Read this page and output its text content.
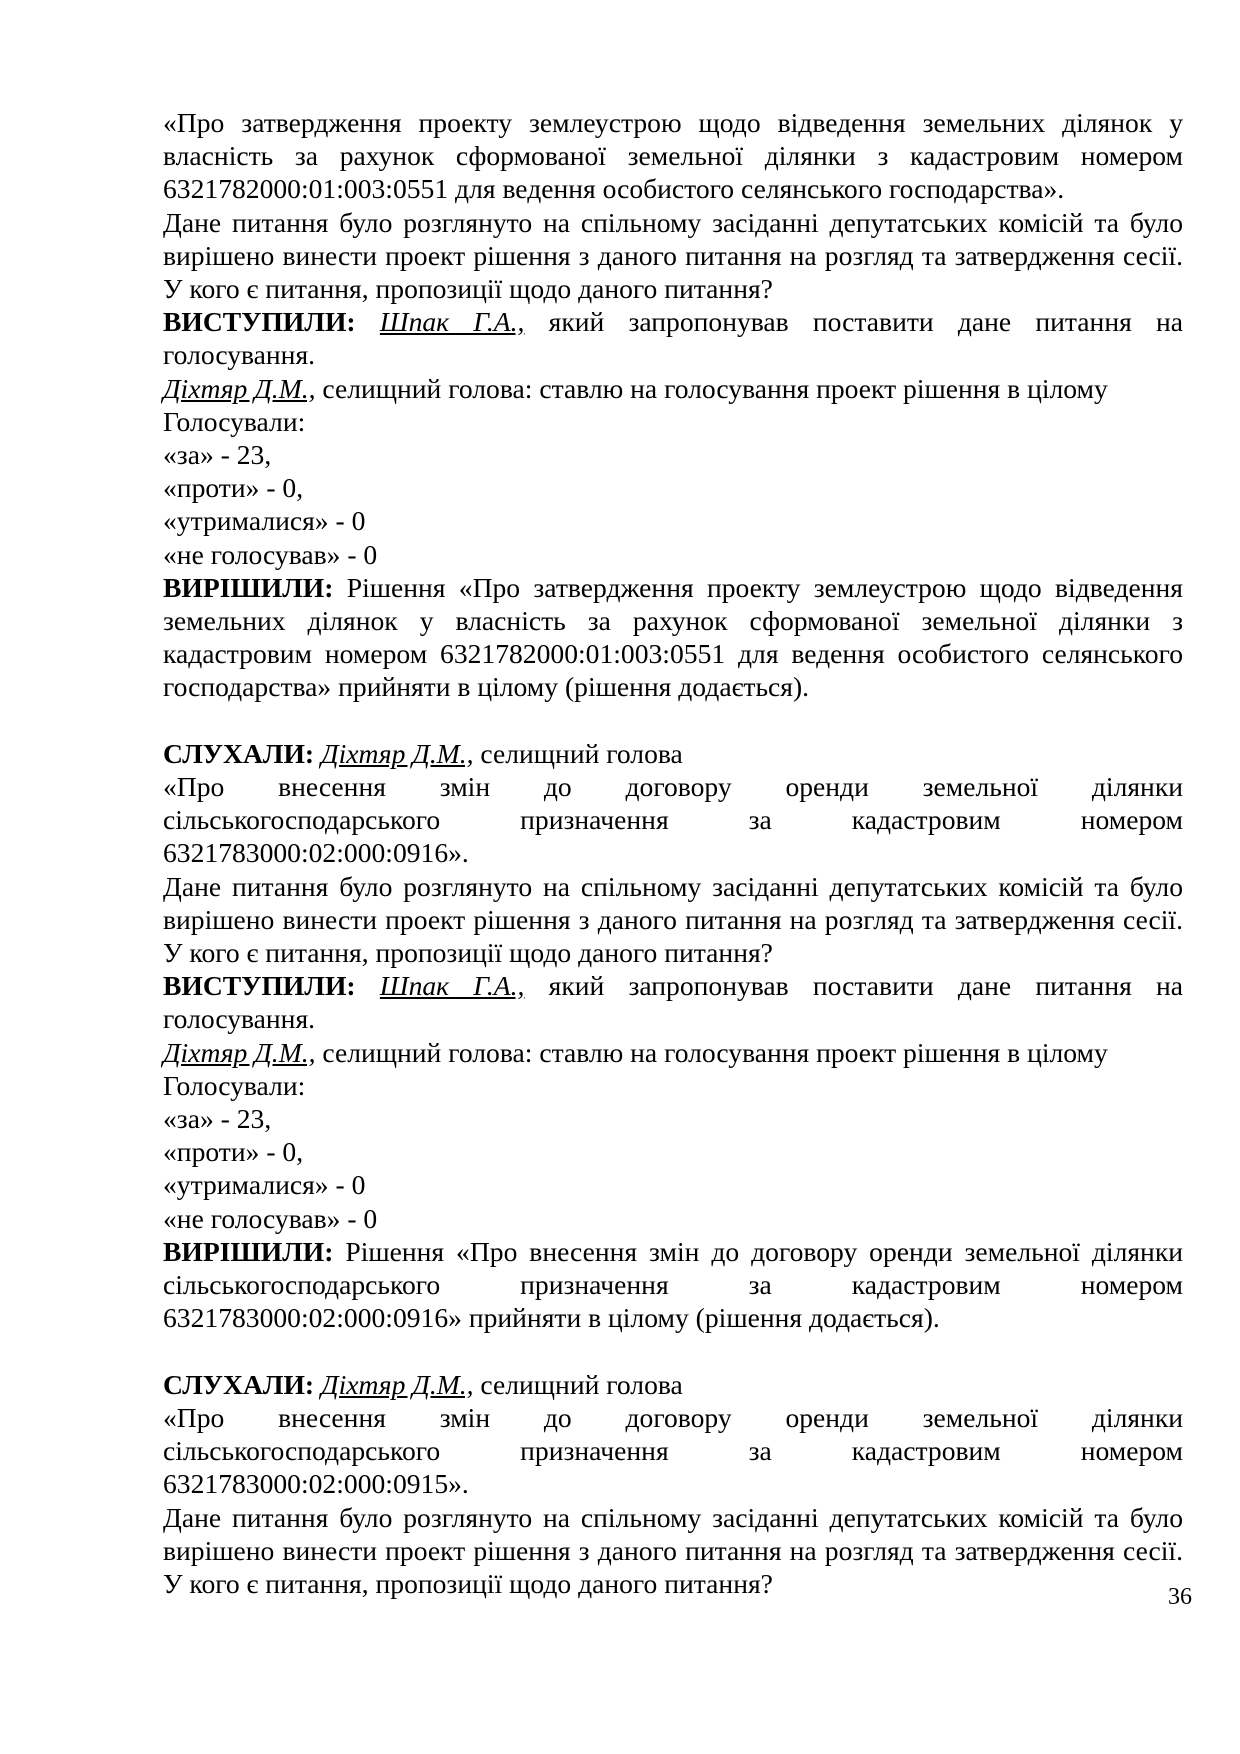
«Про затвердження проекту землеустрою щодо відведення земельних ділянок у власність за рахунок сформованої земельної ділянки з кадастровим номером 6321782000:01:003:0551 для ведення особистого селянського господарства».

Дане питання було розглянуто на спільному засіданні депутатських комісій та було вирішено винести проект рішення з даного питання на розгляд та затвердження сесії. У кого є питання, пропозиції щодо даного питання?

ВИСТУПИЛИ: Шпак Г.А., який запропонував поставити дане питання на голосування.

Діхтяр Д.М., селищний голова: ставлю на голосування проект рішення в цілому

Голосували:

«за» - 23,

«проти» - 0,

«утрималися» - 0

«не голосував» - 0

ВИРІШИЛИ: Рішення «Про затвердження проекту землеустрою щодо відведення земельних ділянок у власність за рахунок сформованої земельної ділянки з кадастровим номером 6321782000:01:003:0551 для ведення особистого селянського господарства» прийняти в цілому (рішення додається).

СЛУХАЛИ: Діхтяр Д.М., селищний голова

«Про внесення змін до договору оренди земельної ділянки

сільськогосподарського призначення за кадастровим номером

6321783000:02:000:0916».

Дане питання було розглянуто на спільному засіданні депутатських комісій та було вирішено винести проект рішення з даного питання на розгляд та затвердження сесії. У кого є питання, пропозиції щодо даного питання?

ВИСТУПИЛИ: Шпак Г.А., який запропонував поставити дане питання на голосування.

Діхтяр Д.М., селищний голова: ставлю на голосування проект рішення в цілому

Голосували:

«за» - 23,

«проти» - 0,

«утрималися» - 0

«не голосував» - 0

ВИРІШИЛИ: Рішення «Про внесення змін до договору оренди земельної ділянки сільськогосподарського призначення за кадастровим номером 6321783000:02:000:0916» прийняти в цілому (рішення додається).

СЛУХАЛИ: Діхтяр Д.М., селищний голова

«Про внесення змін до договору оренди земельної ділянки

сільськогосподарського призначення за кадастровим номером

6321783000:02:000:0915».

Дане питання було розглянуто на спільному засіданні депутатських комісій та було вирішено винести проект рішення з даного питання на розгляд та затвердження сесії. У кого є питання, пропозиції щодо даного питання?	36
